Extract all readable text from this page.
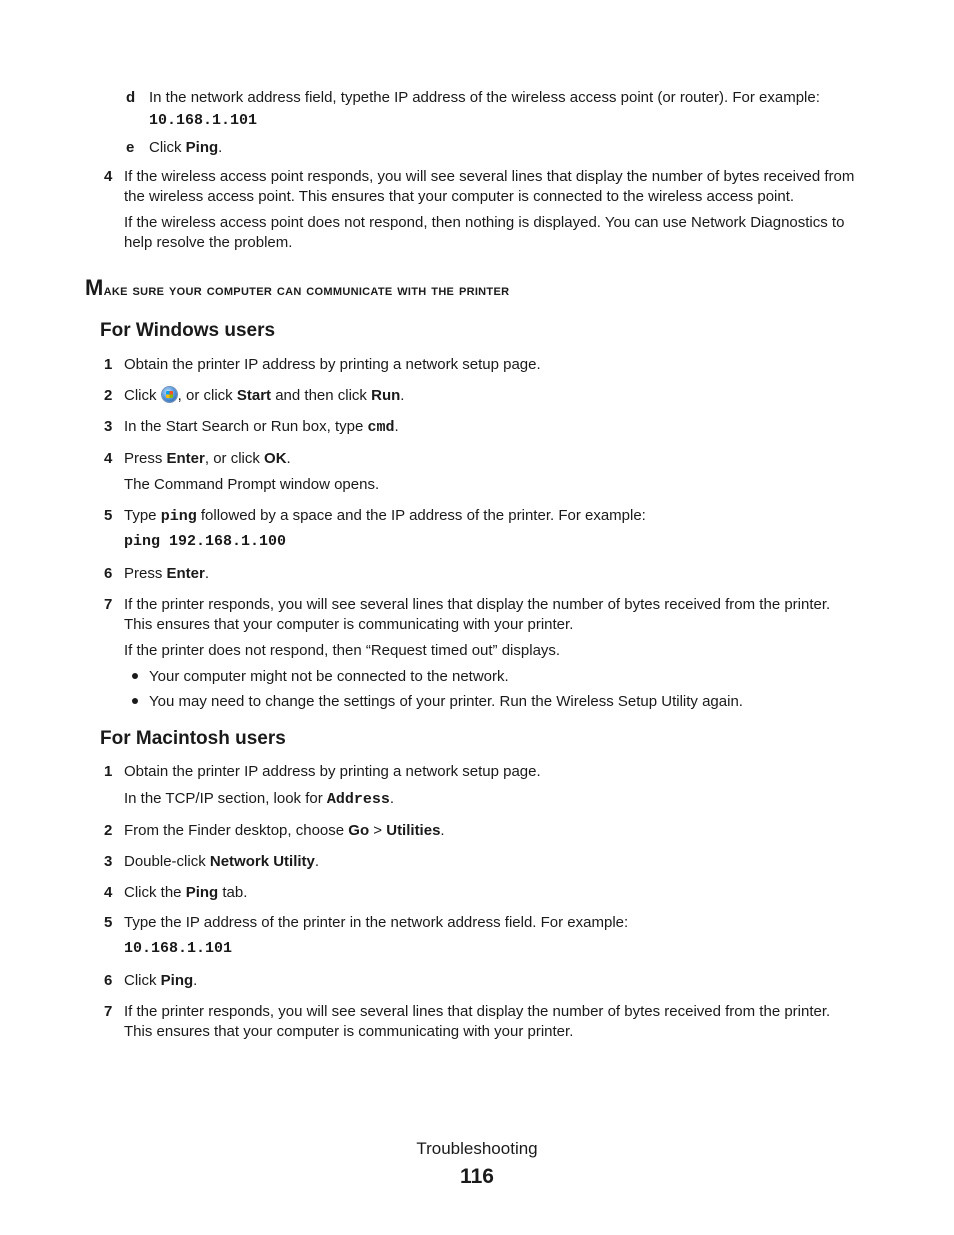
d In the network address field, typethe IP address of the wireless access point (or router). For example:
10.168.1.101
e Click Ping.
4 If the wireless access point responds, you will see several lines that display the number of bytes received from
the wireless access point. This ensures that your computer is connected to the wireless access point.
If the wireless access point does not respond, then nothing is displayed. You can use Network Diagnostics to
help resolve the problem.
Make sure your computer can communicate with the printer
For Windows users
1 Obtain the printer IP address by printing a network setup page.
2 Click , or click Start and then click Run.
3 In the Start Search or Run box, type cmd.
4 Press Enter, or click OK.
The Command Prompt window opens.
5 Type ping followed by a space and the IP address of the printer. For example:
ping 192.168.1.100
6 Press Enter.
7 If the printer responds, you will see several lines that display the number of bytes received from the printer.
This ensures that your computer is communicating with your printer.
If the printer does not respond, then “Request timed out” displays.
Your computer might not be connected to the network.
You may need to change the settings of your printer. Run the Wireless Setup Utility again.
For Macintosh users
1 Obtain the printer IP address by printing a network setup page.
In the TCP/IP section, look for Address.
2 From the Finder desktop, choose Go > Utilities.
3 Double-click Network Utility.
4 Click the Ping tab.
5 Type the IP address of the printer in the network address field. For example:
10.168.1.101
6 Click Ping.
7 If the printer responds, you will see several lines that display the number of bytes received from the printer.
This ensures that your computer is communicating with your printer.
Troubleshooting
116
